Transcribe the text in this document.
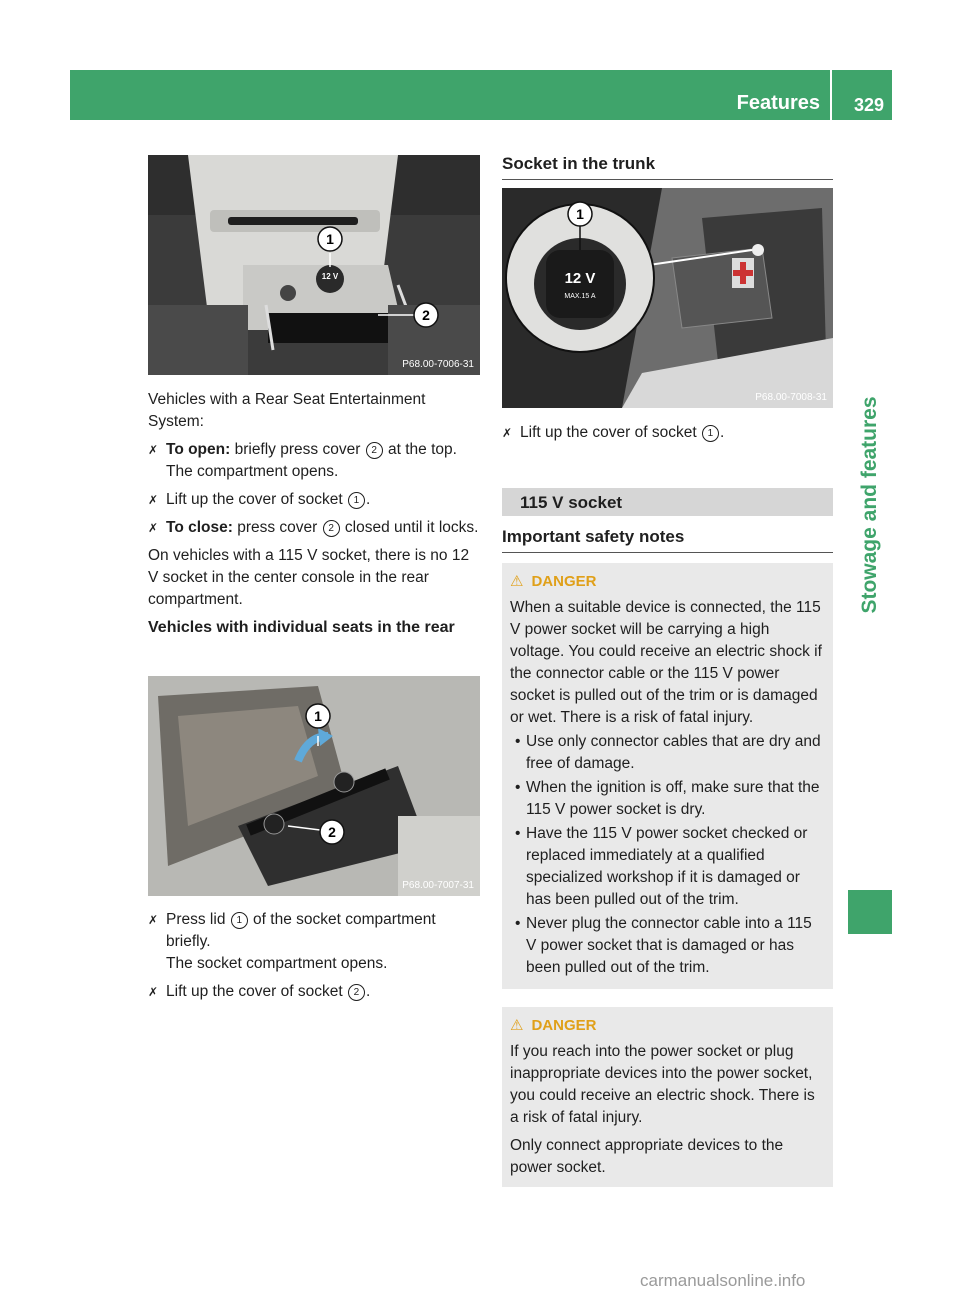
Features 329
Stowage and features
12 V
1
2
P68.00-7006-31
1
2
P68.00-7007-31
12 V
MAX.15 A
1
P68.00-7008-31

Vehicles with a Rear Seat Entertainment System:

✗ To open: briefly press cover 2 at the top.
The compartment opens.
✗ Lift up the cover of socket 1 .
✗ To close: press cover 2 closed until it locks.

On vehicles with a 115 V socket, there is no 12 V socket in the center console in the rear compartment.

Vehicles with individual seats in the rear

✗ Press lid 1 of the socket compartment briefly.
The socket compartment opens.
✗ Lift up the cover of socket 2 .
Socket in the trunk
✗ Lift up the cover of socket 1 .
115 V socket
Important safety notes
⚠ DANGER

When a suitable device is connected, the 115 V power socket will be carrying a high voltage. You could receive an electric shock if the connector cable or the 115 V power socket is pulled out of the trim or is damaged or wet. There is a risk of fatal injury.

• Use only connector cables that are dry and free of damage.
• When the ignition is off, make sure that the 115 V power socket is dry.
• Have the 115 V power socket checked or replaced immediately at a qualified specialized workshop if it is damaged or has been pulled out of the trim.
• Never plug the connector cable into a 115 V power socket that is damaged or has been pulled out of the trim.
⚠ DANGER

If you reach into the power socket or plug inappropriate devices into the power socket, you could receive an electric shock. There is a risk of fatal injury.

Only connect appropriate devices to the power socket.

carmanualsonline.info
